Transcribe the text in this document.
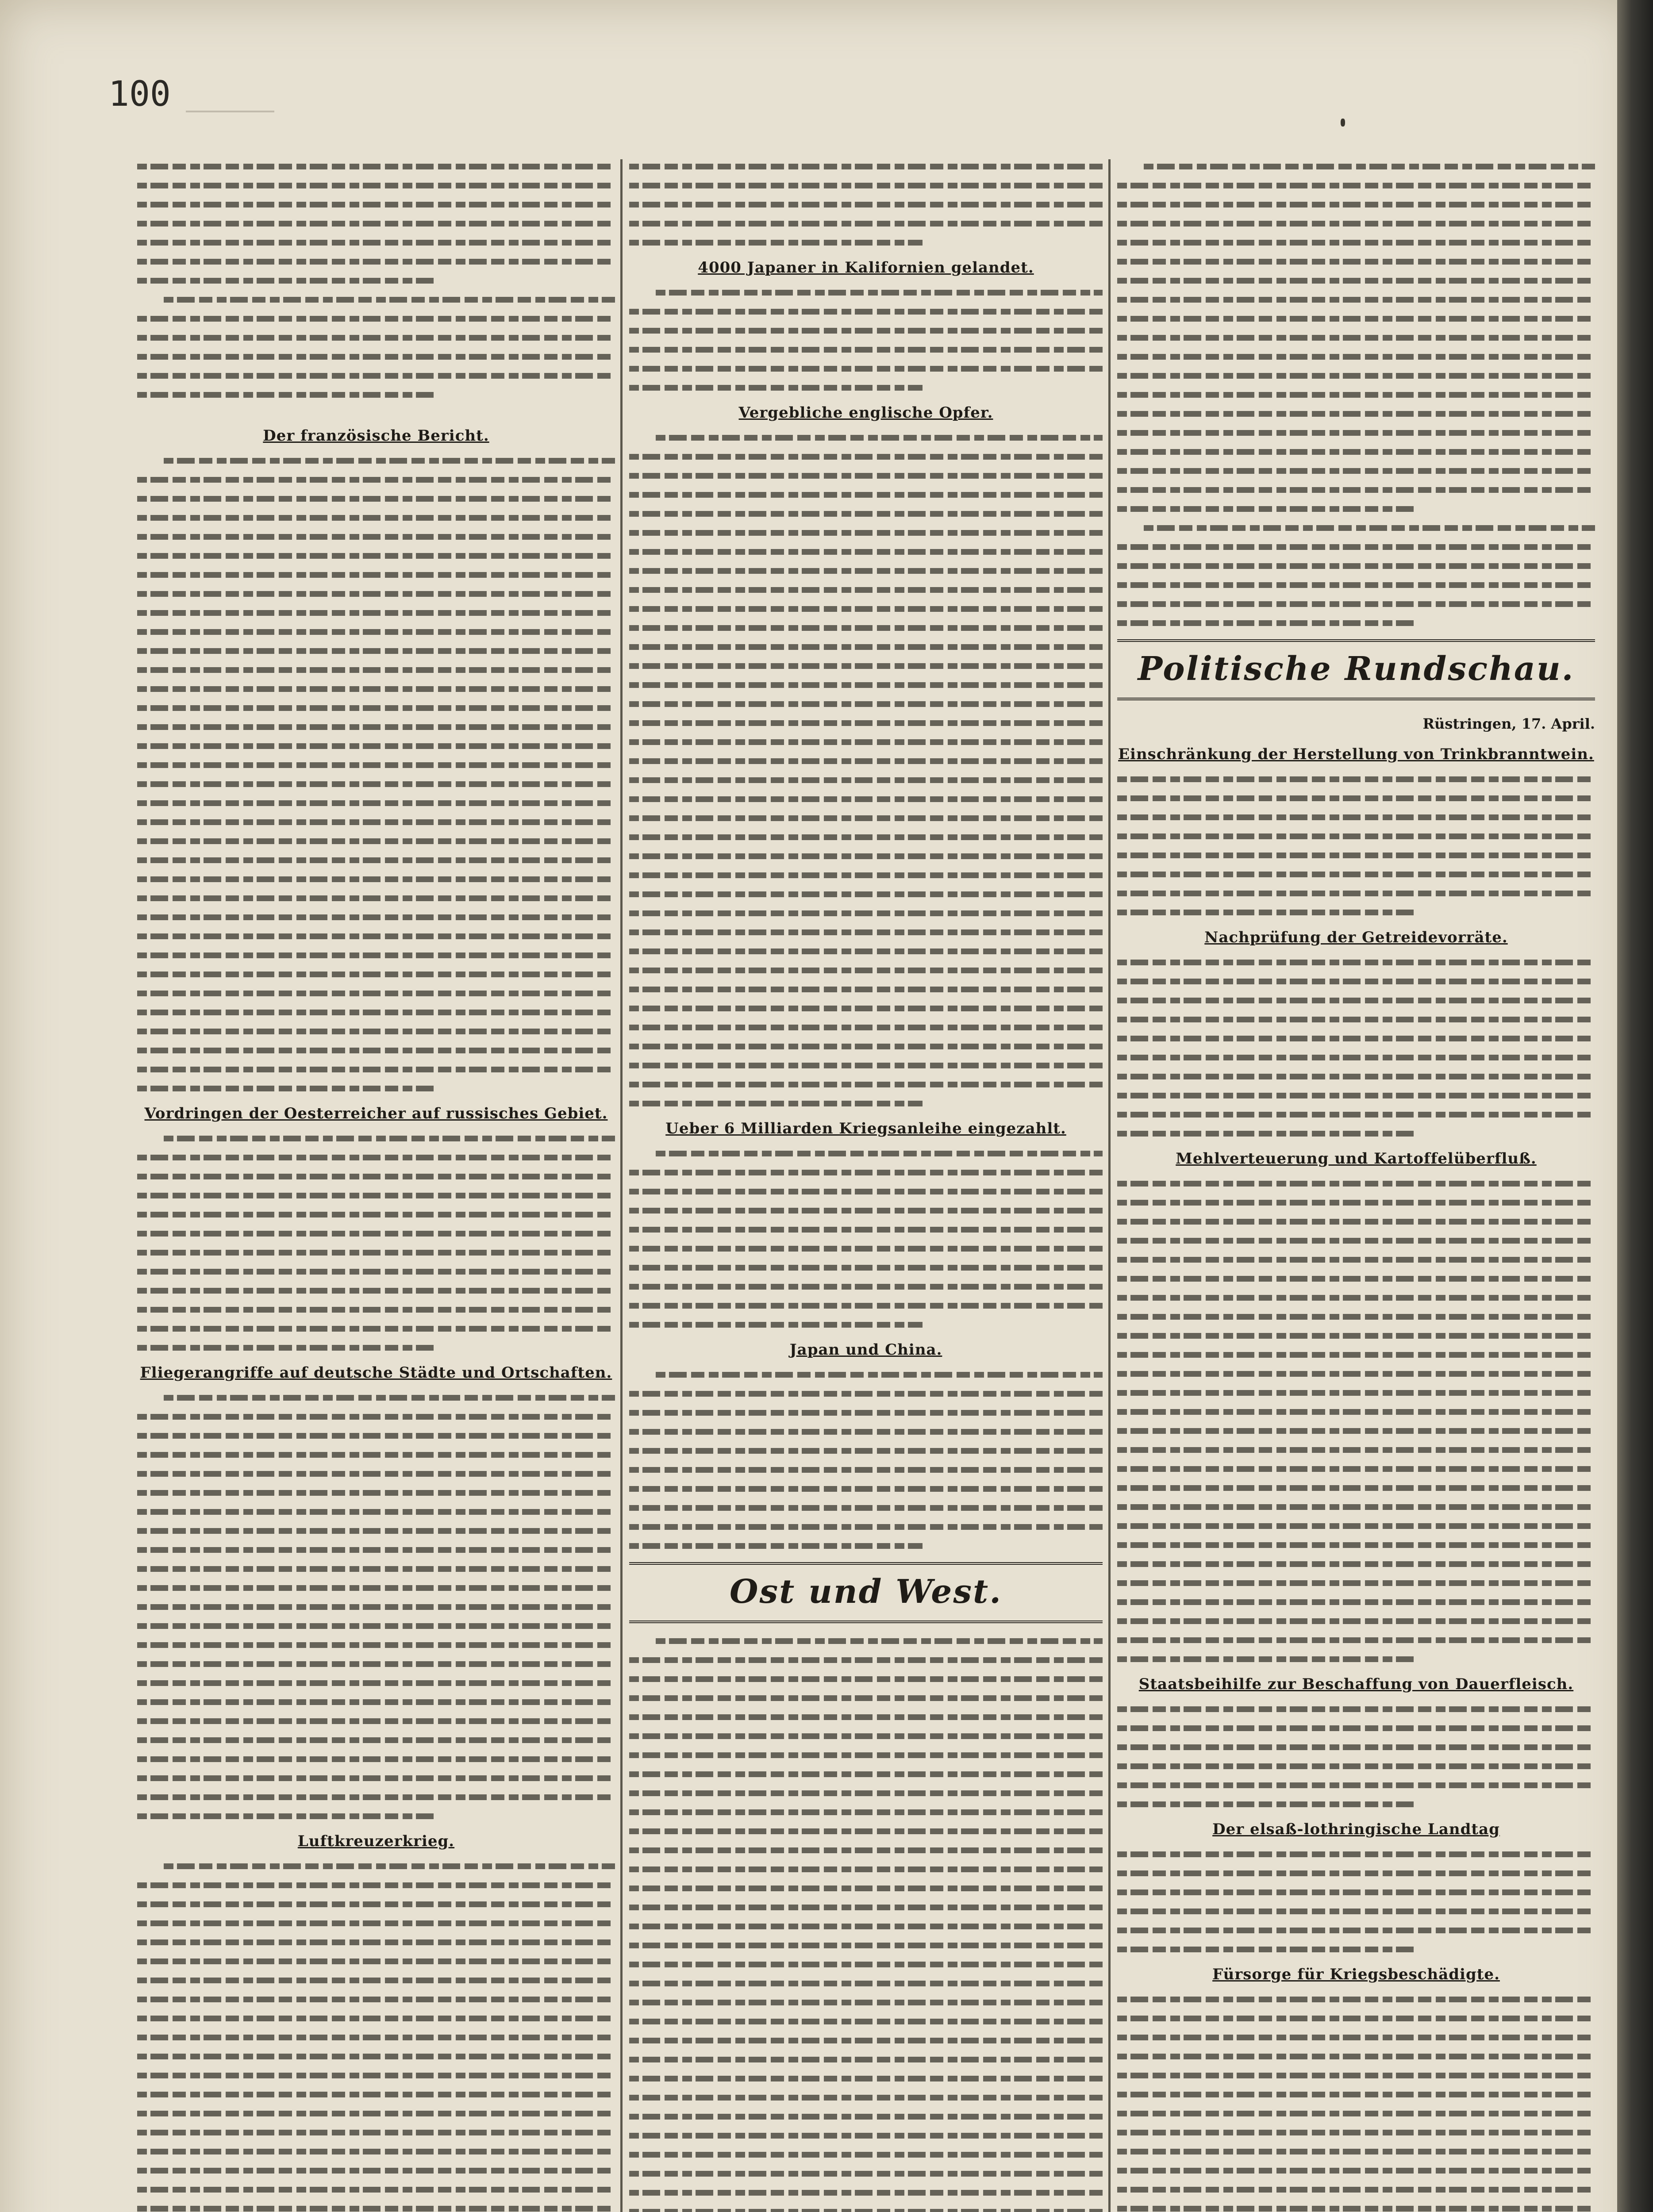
100
Der französische Bericht.
Vordringen der Oesterreicher auf russisches Gebiet.
Fliegerangriffe auf deutsche Städte und Ortschaften.
Luftkreuzerkrieg.
4000 Japaner in Kalifornien gelandet.
Vergebliche englische Opfer.
Ueber 6 Milliarden Kriegsanleihe eingezahlt.
Japan und China.
Ost und West.
Politische Rundschau.
Rüstringen, 17. April.
Einschränkung der Herstellung von Trinkbranntwein.
Nachprüfung der Getreidevorräte.
Mehlverteuerung und Kartoffelüberfluß.
Staatsbeihilfe zur Beschaffung von Dauerfleisch.
Der elsaß-lothringische Landtag
Fürsorge für Kriegsbeschädigte.
